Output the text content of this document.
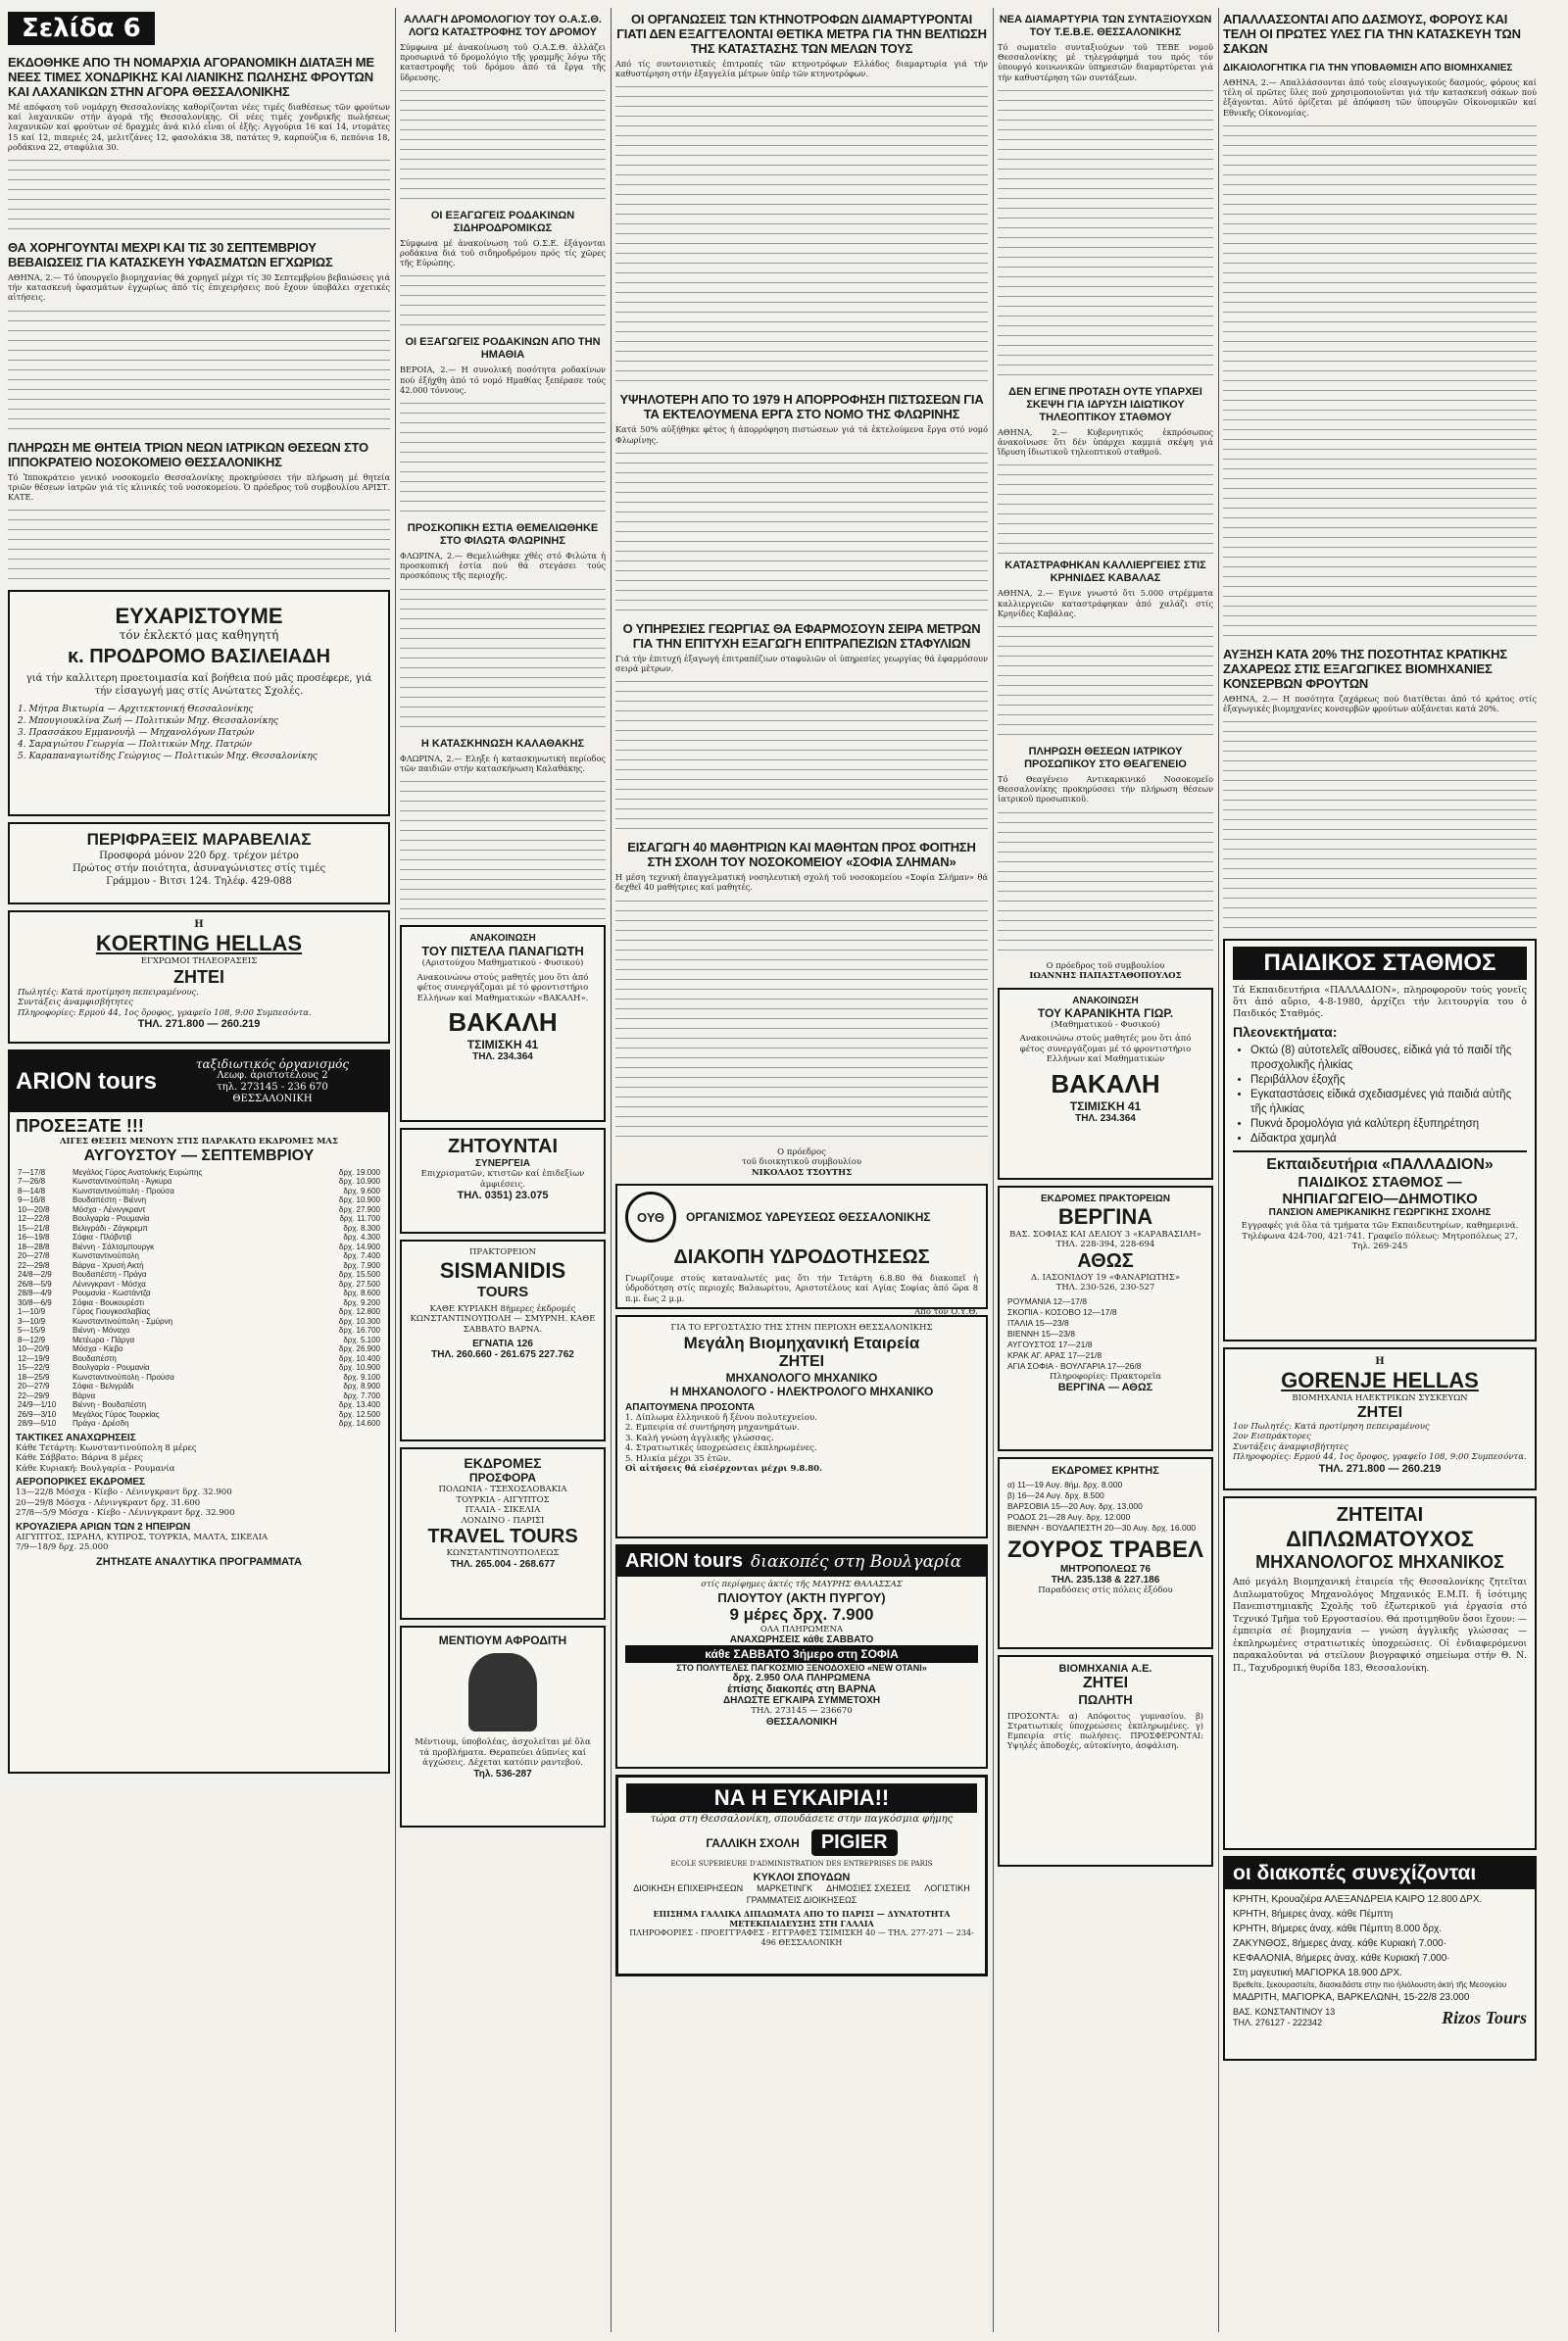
Σελίδα 6
ΕΚΔΟΘΗΚΕ ΑΠΟ ΤΗ ΝΟΜΑΡΧΙΑ ΑΓΟΡΑΝΟΜΙΚΗ ΔΙΑΤΑΞΗ ΜΕ ΝΕΕΣ ΤΙΜΕΣ ΧΟΝΔΡΙΚΗΣ ΚΑΙ ΛΙΑΝΙΚΗΣ ΠΩΛΗΣΗΣ ΦΡΟΥΤΩΝ ΚΑΙ ΛΑΧΑΝΙΚΩΝ ΣΤΗΝ ΑΓΟΡΑ ΘΕΣΣΑΛΟΝΙΚΗΣ

Μέ απόφαση τοῦ νομάρχη Θεσσαλονίκης καθορίζονται νέες τιμές διαθέσεως τῶν φρούτων καί λαχανικῶν στήν ἀγορά τῆς Θεσσαλονίκης. Οἱ νέες τιμές χονδρικῆς πωλήσεως λαχανικῶν καί φρούτων σέ δραχμές ἀνά κιλό εἶναι οἱ ἑξῆς: Αγγούρια 16 καί 14, ντομάτες 15 καί 12, πιπεριές 24, μελιτζάνες 12, φασολάκια 38, πατάτες 9, καρπούζια 6, πεπόνια 18, ροδάκινα 22, σταφύλια 30.

ΘΑ ΧΟΡΗΓΟΥΝΤΑΙ ΜΕΧΡΙ ΚΑΙ ΤΙΣ 30 ΣΕΠΤΕΜΒΡΙΟΥ ΒΕΒΑΙΩΣΕΙΣ ΓΙΑ ΚΑΤΑΣΚΕΥΗ ΥΦΑΣΜΑΤΩΝ ΕΓΧΩΡΙΩΣ

ΑΘΗΝΑ, 2.— Τό ὑπουργεῖο βιομηχανίας θά χορηγεῖ μέχρι τίς 30 Σεπτεμβρίου βεβαιώσεις γιά τήν κατασκευή ὑφασμάτων ἐγχωρίως ἀπό τίς ἐπιχειρήσεις πού ἔχουν ὑποβάλει σχετικές αἰτήσεις.

ΠΛΗΡΩΣΗ ΜΕ ΘΗΤΕΙΑ ΤΡΙΩΝ ΝΕΩΝ ΙΑΤΡΙΚΩΝ ΘΕΣΕΩΝ ΣΤΟ ΙΠΠΟΚΡΑΤΕΙΟ ΝΟΣΟΚΟΜΕΙΟ ΘΕΣΣΑΛΟΝΙΚΗΣ

Τό Ἱπποκράτειο γενικό νοσοκομεῖο Θεσσαλονίκης προκηρύσσει τήν πλήρωση μέ θητεία τριῶν θέσεων ἰατρῶν γιά τίς κλινικές τοῦ νοσοκομείου. Ὁ πρόεδρος τοῦ συμβουλίου ΑΡΙΣΤ. ΚΑΤΕ.

ΕΥΧΑΡΙΣΤΟΥΜΕ
τόν ἐκλεκτό μας καθηγητή
κ. ΠΡΟΔΡΟΜΟ ΒΑΣΙΛΕΙΑΔΗ
γιά τήν καλλιτερη προετοιμασία καί βοήθεια πού μᾶς προσέφερε, γιά τήν εἰσαγωγή μας στίς Ανώτατες Σχολές.
1. Μήτρα Βικτωρία — Αρχιτεκτονική Θεσσαλονίκης
2. Μπουγιουκλίνα Ζωή — Πολιτικών Μηχ. Θεσσαλονίκης
3. Πρασσάκου Εμμανουήλ — Μηχανολόγων Πατρών
4. Σαραγιώτου Γεωργία — Πολιτικών Μηχ. Πατρών
5. Καραπαναγιωτίδης Γεώργιος — Πολιτικών Μηχ. Θεσσαλονίκης
ΠΕΡΙΦΡΑΞΕΙΣ ΜΑΡΑΒΕΛΙΑΣ
Προσφορά μόνον 220 δρχ. τρέχον μέτρο
Πρώτος στήν ποιότητα, ἀσυναγώνιστες στίς τιμές
Γράμμου - Βιτσι 124. Τηλέφ. 429-088
Η
KOERTING HELLAS
ΕΓΧΡΩΜΟΙ ΤΗΛΕΟΡΑΣΕΙΣ
ΖΗΤΕΙ
Πωλητές: Κατά προτίμηση πεπειραμένους.
Συντάξεις ἀναμφισβήτητες
Πληροφορίες: Ερμού 44, 1ος ὄροφος, γραφεῖο 108, 9:00 Συμπεσόντα.
ΤΗΛ. 271.800 — 260.219
ARION tours
ταξιδιωτικός ὀργανισμός
Λεωφ. ἀριστοτέλους 2
τηλ. 273145 - 236 670
ΘΕΣΣΑΛΟΝΙΚΗ
ΠΡΟΣΕΞΑΤΕ !!!
ΛΙΓΕΣ ΘΕΣΕΙΣ ΜΕΝΟΥΝ ΣΤΙΣ ΠΑΡΑΚΑΤΩ ΕΚΔΡΟΜΕΣ ΜΑΣ
ΑΥΓΟΥΣΤΟΥ — ΣΕΠΤΕΜΒΡΙΟΥ
7—17/8	Μεγάλος Γύρος Ανατολικής Ευρώπης	δρχ. 19.000
7—26/8	Κωνσταντινούπολη - Άγκυρα	δρχ. 10.900
8—14/8	Κωνσταντινούπολη - Προύσα	δρχ. 9.600
9—16/8	Βουδαπέστη - Βιέννη	δρχ. 10.900
10—20/8	Μόσχα - Λένινγκραντ	δρχ. 27.900
12—22/8	Βουλγαρία - Ρουμανία	δρχ. 11.700
15—21/8	Βελιγράδι - Ζάγκρεμπ	δρχ. 8.300
16—19/8	Σόφια - Πλόβντιβ	δρχ. 4.300
18—28/8	Βιέννη - Σάλτσμπουργκ	δρχ. 14.900
20—27/8	Κωνσταντινούπολη	δρχ. 7.400
22—29/8	Βάρνα - Χρυσή Ακτή	δρχ. 7.900
24/8—2/9	Βουδαπέστη - Πράγα	δρχ. 15.500
26/8—5/9	Λένινγκραντ - Μόσχα	δρχ. 27.500
28/8—4/9	Ρουμανία - Κωστάντζα	δρχ. 8.600
30/8—6/9	Σόφια - Βουκουρέστι	δρχ. 9.200
1—10/9	Γύρος Γιουγκοσλαβίας	δρχ. 12.800
3—10/9	Κωνσταντινούπολη - Σμύρνη	δρχ. 10.300
5—15/9	Βιέννη - Μόναχο	δρχ. 16.700
8—12/9	Μετέωρα - Πάργα	δρχ. 5.100
10—20/9	Μόσχα - Κίεβο	δρχ. 26.900
12—19/9	Βουδαπέστη	δρχ. 10.400
15—22/9	Βουλγαρία - Ρουμανία	δρχ. 10.900
18—25/9	Κωνσταντινούπολη - Προύσα	δρχ. 9.100
20—27/9	Σόφια - Βελιγράδι	δρχ. 8.900
22—29/9	Βάρνα	δρχ. 7.700
24/9—1/10	Βιέννη - Βουδαπέστη	δρχ. 13.400
26/9—3/10	Μεγάλος Γύρος Τουρκίας	δρχ. 12.500
28/9—5/10	Πράγα - Δρέσδη	δρχ. 14.600
ΤΑΚΤΙΚΕΣ ΑΝΑΧΩΡΗΣΕΙΣ
Κάθε Τετάρτη: Κωνσταντινούπολη 8 μέρες
Κάθε Σάββατο: Βάρνα 8 μέρες
Κάθε Κυριακή: Βουλγαρία - Ρουμανία
ΑΕΡΟΠΟΡΙΚΕΣ ΕΚΔΡΟΜΕΣ
13—22/8 Μόσχα - Κίεβο - Λένινγκραντ δρχ. 32.900
20—29/8 Μόσχα - Λένινγκραντ δρχ. 31.600
27/8—5/9 Μόσχα - Κίεβο - Λένινγκραντ δρχ. 32.900
ΚΡΟΥΑΖΙΕΡΑ ΑΡΙΩΝ ΤΩΝ 2 ΗΠΕΙΡΩΝ
ΑΙΓΥΠΤΟΣ, ΙΣΡΑΗΛ, ΚΥΠΡΟΣ, ΤΟΥΡΚΙΑ, ΜΑΛΤΑ, ΣΙΚΕΛΙΑ
7/9—18/9 δρχ. 25.000
ΖΗΤΗΣΑΤΕ ΑΝΑΛΥΤΙΚΑ ΠΡΟΓΡΑΜΜΑΤΑ
ΑΛΛΑΓΗ ΔΡΟΜΟΛΟΓΙΟΥ ΤΟΥ Ο.Α.Σ.Θ. ΛΟΓΩ ΚΑΤΑΣΤΡΟΦΗΣ ΤΟΥ ΔΡΟΜΟΥ

Σύμφωνα μέ ἀνακοίνωση τοῦ Ο.Α.Σ.Θ. ἀλλάζει προσωρινά τό δρομολόγιο τῆς γραμμῆς λόγω τῆς καταστροφῆς τοῦ δρόμου ἀπό τά ἔργα τῆς ὕδρευσης.

ΟΙ ΕΞΑΓΩΓΕΙΣ ΡΟΔΑΚΙΝΩΝ ΣΙΔΗΡΟΔΡΟΜΙΚΩΣ

Σύμφωνα μέ ἀνακοίνωση τοῦ Ο.Σ.Ε. ἐξάγονται ροδάκινα διά τοῦ σιδηροδρόμου πρός τίς χῶρες τῆς Εὐρώπης.

ΟΙ ΕΞΑΓΩΓΕΙΣ ΡΟΔΑΚΙΝΩΝ ΑΠΟ ΤΗΝ ΗΜΑΘΙΑ

ΒΕΡΟΙΑ, 2.— Η συνολική ποσότητα ροδακίνων πού ἐξήχθη ἀπό τό νομό Ημαθίας ξεπέρασε τούς 42.000 τόννους.

ΠΡΟΣΚΟΠΙΚΗ ΕΣΤΙΑ ΘΕΜΕΛΙΩΘΗΚΕ ΣΤΟ ΦΙΛΩΤΑ ΦΛΩΡΙΝΗΣ

ΦΛΩΡΙΝΑ, 2.— Θεμελιώθηκε χθές στό Φιλώτα ἡ προσκοπική ἑστία πού θά στεγάσει τούς προσκόπους τῆς περιοχῆς.

Η ΚΑΤΑΣΚΗΝΩΣΗ ΚΑΛΑΘΑΚΗΣ

ΦΛΩΡΙΝΑ, 2.— Εληξε ἡ κατασκηνωτική περίοδος τῶν παιδιῶν στήν κατασκήνωση Καλαθάκης.

ΑΝΑΚΟΙΝΩΣΗ
ΤΟΥ ΠΙΣΤΕΛΑ ΠΑΝΑΓΙΩΤΗ
(Αριστούχου Μαθηματικού - Φυσικού)
Ανακοινώνω στούς μαθητές μου ὅτι ἀπό φέτος συνεργάζομαι μέ τό φροντιστήριο Ελλήνων καί Μαθηματικών «ΒΑΚΑΛΗ».
ΒΑΚΑΛΗ
ΤΣΙΜΙΣΚΗ 41
ΤΗΛ. 234.364
ΖΗΤΟΥΝΤΑΙ
ΣΥΝΕΡΓΕΙΑ
Επιχρισματῶν, κτιστῶν καί ἐπιδεξίων ἀμφιέσεις.
ΤΗΛ. 0351) 23.075
ΠΡΑΚΤΟΡΕΙΟΝ
SISMANIDIS
TOURS
ΚΑΘΕ ΚΥΡΙΑΚΗ 8ήμερες ἐκδρομές ΚΩΝΣΤΑΝΤΙΝΟΥΠΟΛΗ — ΣΜΥΡΝΗ. ΚΑΘΕ ΣΑΒΒΑΤΟ ΒΑΡΝΑ.
ΕΓΝΑΤΙΑ 126
ΤΗΛ. 260.660 - 261.675 227.762
ΕΚΔΡΟΜΕΣ
ΠΡΟΣΦΟΡΑ
ΠΟΛΩΝΙΑ - ΤΣΕΧΟΣΛΟΒΑΚΙΑ
ΤΟΥΡΚΙΑ - ΑΙΓΥΠΤΟΣ
ΙΤΑΛΙΑ - ΣΙΚΕΛΙΑ
ΛΟΝΔΙΝΟ - ΠΑΡΙΣΙ
TRAVEL TOURS
ΚΩΝΣΤΑΝΤΙΝΟΥΠΟΛΕΩΣ
ΤΗΛ. 265.004 - 268.677
ΜΕΝΤΙΟΥΜ ΑΦΡΟΔΙΤΗ
Μέντιουμ, ὑποβολέας, ἀσχολεῖται μέ ὅλα τά προβλήματα. Θεραπεύει ἀϋπνίες καί ἀγχώσεις. Δέχεται κατόπιν ραντεβού.
Τηλ. 536-287
ΟΙ ΟΡΓΑΝΩΣΕΙΣ ΤΩΝ ΚΤΗΝΟΤΡΟΦΩΝ ΔΙΑΜΑΡΤΥΡΟΝΤΑΙ ΓΙΑΤΙ ΔΕΝ ΕΞΑΓΓΕΛΟΝΤΑΙ ΘΕΤΙΚΑ ΜΕΤΡΑ ΓΙΑ ΤΗΝ ΒΕΛΤΙΩΣΗ ΤΗΣ ΚΑΤΑΣΤΑΣΗΣ ΤΩΝ ΜΕΛΩΝ ΤΟΥΣ

Από τίς συντονιστικές ἐπιτροπές τῶν κτηνοτρόφων Ελλάδος διαμαρτυρία γιά τήν καθυστέρηση στήν ἐξαγγελία μέτρων ὑπέρ τῶν κτηνοτρόφων.

ΥΨΗΛΟΤΕΡΗ ΑΠΟ ΤΟ 1979 Η ΑΠΟΡΡΟΦΗΣΗ ΠΙΣΤΩΣΕΩΝ ΓΙΑ ΤΑ ΕΚΤΕΛΟΥΜΕΝΑ ΕΡΓΑ ΣΤΟ ΝΟΜΟ ΤΗΣ ΦΛΩΡΙΝΗΣ

Κατά 50% αὐξήθηκε φέτος ἡ ἀπορρόφηση πιστώσεων γιά τά ἐκτελούμενα ἔργα στό νομό Φλωρίνης.

Ο ΥΠΗΡΕΣΙΕΣ ΓΕΩΡΓΙΑΣ ΘΑ ΕΦΑΡΜΟΣΟΥΝ ΣΕΙΡΑ ΜΕΤΡΩΝ ΓΙΑ ΤΗΝ ΕΠΙΤΥΧΗ ΕΞΑΓΩΓΗ ΕΠΙΤΡΑΠΕΖΙΩΝ ΣΤΑΦΥΛΙΩΝ

Γιά τήν ἐπιτυχή ἐξαγωγή ἐπιτραπέζιων σταφυλιῶν οἱ ὑπηρεσίες γεωργίας θά ἐφαρμόσουν σειρά μέτρων.

ΕΙΣΑΓΩΓΗ 40 ΜΑΘΗΤΡΙΩΝ ΚΑΙ ΜΑΘΗΤΩΝ ΠΡΟΣ ΦΟΙΤΗΣΗ ΣΤΗ ΣΧΟΛΗ ΤΟΥ ΝΟΣΟΚΟΜΕΙΟΥ «ΣΟΦΙΑ ΣΛΗΜΑΝ»

Η μέση τεχνική ἐπαγγελματική νοσηλευτική σχολή τοῦ νοσοκομείου «Σοφία Σλήμαν» θά δεχθεῖ 40 μαθήτριες καί μαθητές.

Ο πρόεδρος
τοῦ διοικητικοῦ συμβουλίου
ΝΙΚΟΛΑΟΣ ΤΣΟΥΤΗΣ
ΟΥΘ	ΟΡΓΑΝΙΣΜΟΣ ΥΔΡΕΥΣΕΩΣ ΘΕΣΣΑΛΟΝΙΚΗΣ
ΔΙΑΚΟΠΗ ΥΔΡΟΔΟΤΗΣΕΩΣ
Γνωρίζουμε στούς καταναλωτές μας ὅτι τήν Τετάρτη 6.8.80 θά διακοπεῖ ἡ ὑδροδότηση στίς περιοχές Βαλαωρίτου, Αριστοτέλους καί Αγίας Σοφίας ἀπό ὥρα 8 π.μ. ἕως 2 μ.μ.
Από τόν Ο.Υ.Θ.
ΓΙΑ ΤΟ ΕΡΓΟΣΤΑΣΙΟ ΤΗΣ ΣΤΗΝ ΠΕΡΙΟΧΗ ΘΕΣΣΑΛΟΝΙΚΗΣ
Μεγάλη Βιομηχανική Εταιρεία
ΖΗΤΕΙ
ΜΗΧΑΝΟΛΟΓΟ ΜΗΧΑΝΙΚΟ
Η ΜΗΧΑΝΟΛΟΓΟ - ΗΛΕΚΤΡΟΛΟΓΟ ΜΗΧΑΝΙΚΟ
ΑΠΑΙΤΟΥΜΕΝΑ ΠΡΟΣΟΝΤΑ
1. Δίπλωμα ἑλληνικοῦ ἤ ξένου πολυτεχνείου.
2. Εμπειρία σέ συντήρηση μηχανημάτων.
3. Καλή γνώση ἀγγλικῆς γλώσσας.
4. Στρατιωτικές ὑποχρεώσεις ἐκπληρωμένες.
5. Ηλικία μέχρι 35 ἐτῶν.
Οἱ αἰτήσεις θά εἰσέρχονται μέχρι 9.8.80.
ARION tours διακοπές στη Βουλγαρία
στίς περίφημες ἀκτές τῆς ΜΑΥΡΗΣ ΘΑΛΑΣΣΑΣ
ΠΛΙΟΥΤΟΥ (ΑΚΤΗ ΠΥΡΓΟΥ)
9 μέρες δρχ. 7.900
ΟΛΑ ΠΛΗΡΩΜΕΝΑ
ΑΝΑΧΩΡΗΣΕΙΣ κάθε ΣΑΒΒΑΤΟ
κάθε ΣΑΒΒΑΤΟ 3ήμερο στη ΣΟΦΙΑ
ΣΤΟ ΠΟΛΥΤΕΛΕΣ ΠΑΓΚΟΣΜΙΟ ΞΕΝΟΔΟΧΕΙΟ «NEW OTANI»
δρχ. 2.950 ΟΛΑ ΠΛΗΡΩΜΕΝΑ
ἐπίσης διακοπές στη ΒΑΡΝΑ
ΔΗΛΩΣΤΕ ΕΓΚΑΙΡΑ ΣΥΜΜΕΤΟΧΗ
ΤΗΛ. 273145 — 236670
ΘΕΣΣΑΛΟΝΙΚΗ
ΝΑ Η ΕΥΚΑΙΡΙΑ!!
τώρα στη Θεσσαλονίκη, σπουδάσετε στην παγκόσμια φήμης
ΓΑΛΛΙΚΗ ΣΧΟΛΗ	PIGIER
ECOLE SUPERIEURE D'ADMINISTRATION DES ENTREPRISES DE PARIS
ΚΥΚΛΟΙ ΣΠΟΥΔΩΝ
ΔΙΟΙΚΗΣΗ ΕΠΙΧΕΙΡΗΣΕΩΝ ΜΑΡΚΕΤΙΝΓΚ ΔΗΜΟΣΙΕΣ ΣΧΕΣΕΙΣ ΛΟΓΙΣΤΙΚΗ
ΓΡΑΜΜΑΤΕΙΣ ΔΙΟΙΚΗΣΕΩΣ
ΕΠΙΣΗΜΑ ΓΑΛΛΙΚΑ ΔΙΠΛΩΜΑΤΑ ΑΠΟ ΤΟ ΠΑΡΙΣΙ — ΔΥΝΑΤΟΤΗΤΑ ΜΕΤΕΚΠΑΙΔΕΥΣΗΣ ΣΤΗ ΓΑΛΛΙΑ
ΠΛΗΡΟΦΟΡΙΕΣ - ΠΡΟΕΓΓΡΑΦΕΣ - ΕΓΓΡΑΦΕΣ ΤΣΙΜΙΣΚΗ 40 — ΤΗΛ. 277-271 — 234-496 ΘΕΣΣΑΛΟΝΙΚΗ
ΝΕΑ ΔΙΑΜΑΡΤΥΡΙΑ ΤΩΝ ΣΥΝΤΑΞΙΟΥΧΩΝ ΤΟΥ Τ.Ε.Β.Ε. ΘΕΣΣΑΛΟΝΙΚΗΣ

Τό σωματεῖο συνταξιούχων τοῦ ΤΕΒΕ νομοῦ Θεσσαλονίκης μέ τηλεγράφημά του πρός τόν ὑπουργό κοινωνικῶν ὑπηρεσιῶν διαμαρτύρεται γιά τήν καθυστέρηση τῶν συντάξεων.

ΔΕΝ ΕΓΙΝΕ ΠΡΟΤΑΣΗ ΟΥΤΕ ΥΠΑΡΧΕΙ ΣΚΕΨΗ ΓΙΑ ΙΔΡΥΣΗ ΙΔΙΩΤΙΚΟΥ ΤΗΛΕΟΠΤΙΚΟΥ ΣΤΑΘΜΟΥ

ΑΘΗΝΑ, 2.— Κυβερνητικός ἐκπρόσωπος ἀνακοίνωσε ὅτι δέν ὑπάρχει καμμιά σκέψη γιά ἵδρυση ἰδιωτικοῦ τηλεοπτικοῦ σταθμοῦ.

ΚΑΤΑΣΤΡΑΦΗΚΑΝ ΚΑΛΛΙΕΡΓΕΙΕΣ ΣΤΙΣ ΚΡΗΝΙΔΕΣ ΚΑΒΑΛΑΣ

ΑΘΗΝΑ, 2.— Εγινε γνωστό ὅτι 5.000 στρέμματα καλλιεργειῶν καταστράφηκαν ἀπό χαλάζι στίς Κρηνίδες Καβάλας.

ΠΛΗΡΩΣΗ ΘΕΣΕΩΝ ΙΑΤΡΙΚΟΥ ΠΡΟΣΩΠΙΚΟΥ ΣΤΟ ΘΕΑΓΕΝΕΙΟ

Τό Θεαγένειο Αντικαρκινικό Νοσοκομεῖο Θεσσαλονίκης προκηρύσσει τήν πλήρωση θέσεων ἰατρικοῦ προσωπικοῦ.

Ο πρόεδρος τοῦ συμβουλίου
ΙΩΑΝΝΗΣ ΠΑΠΑΣΤΑΘΟΠΟΥΛΟΣ
ΑΝΑΚΟΙΝΩΣΗ
ΤΟΥ ΚΑΡΑΝΙΚΗΤΑ ΓΙΩΡ.
(Μαθηματικού - Φυσικού)
Ανακοινώνω στούς μαθητές μου ὅτι ἀπό φέτος συνεργάζομαι μέ τό φροντιστήριο Ελλήνων καί Μαθηματικών
ΒΑΚΑΛΗ
ΤΣΙΜΙΣΚΗ 41
ΤΗΛ. 234.364
ΕΚΔΡΟΜΕΣ ΠΡΑΚΤΟΡΕΙΩΝ
ΒΕΡΓΙΝΑ
ΒΑΣ. ΣΟΦΙΑΣ ΚΑΙ ΔΕΛΙΟΥ 3 «ΚΑΡΑΒΑΣΙΛΗ»
ΤΗΛ. 228-394, 228-694
ΑΘΩΣ
Δ. ΙΑΣΟΝΙΔΟΥ 19 «ΦΑΝΑΡΙΩΤΗΣ»
ΤΗΛ. 230-526, 230-527
ΡΟΥΜΑΝΙΑ 12—17/8
ΣΚΟΠΙΑ - ΚΟΣΟΒΟ 12—17/8
ΙΤΑΛΙΑ 15—23/8
ΒΙΕΝΝΗ 15—23/8
ΑΥΓΟΥΣΤΟΣ 17—21/8
ΚΡΑΚ ΑΓ. ΑΡΑΣ 17—21/8
ΑΓΙΑ ΣΟΦΙΑ - ΒΟΥΛΓΑΡΙΑ 17—26/8
Πληροφορίες: Πρακτορεῖα
ΒΕΡΓΙΝΑ — ΑΘΩΣ
ΕΚΔΡΟΜΕΣ ΚΡΗΤΗΣ
α) 11—19 Αυγ. 8ήμ. δρχ. 8.000
β) 16—24 Αυγ. δρχ. 8.500
ΒΑΡΣΟΒΙΑ 15—20 Αυγ. δρχ. 13.000
ΡΟΔΟΣ 21—28 Αυγ. δρχ. 12.000
ΒΙΕΝΝΗ - ΒΟΥΔΑΠΕΣΤΗ 20—30 Αυγ. δρχ. 16.000
ΖΟΥΡΟΣ ΤΡΑΒΕΛ
ΜΗΤΡΟΠΟΛΕΩΣ 76
ΤΗΛ. 235.138 & 227.186
Παραδόσεις στίς πόλεις ἐξόδου
ΒΙΟΜΗΧΑΝΙΑ Α.Ε.
ΖΗΤΕΙ
ΠΩΛΗΤΗ
ΠΡΟΣΟΝΤΑ: α) Απόφοιτος γυμνασίου. β) Στρατιωτικές ὑποχρεώσεις ἐκπληρωμένες. γ) Εμπειρία στίς πωλήσεις. ΠΡΟΣΦΕΡΟΝΤΑΙ: Υψηλές ἀποδοχές, αὐτοκίνητο, ἀσφάλιση.
ΑΠΑΛΛΑΣΣΟΝΤΑΙ ΑΠΟ ΔΑΣΜΟΥΣ, ΦΟΡΟΥΣ ΚΑΙ ΤΕΛΗ ΟΙ ΠΡΩΤΕΣ ΥΛΕΣ ΓΙΑ ΤΗΝ ΚΑΤΑΣΚΕΥΗ ΤΩΝ ΣΑΚΩΝ
ΔΙΚΑΙΟΛΟΓΗΤΙΚΑ ΓΙΑ ΤΗΝ ΥΠΟΒΑΘΜΙΣΗ ΑΠΟ ΒΙΟΜΗΧΑΝΙΕΣ

ΑΘΗΝΑ, 2.— Απαλλάσσονται ἀπό τούς εἰσαγωγικούς δασμούς, φόρους καί τέλη οἱ πρῶτες ὕλες πού χρησιμοποιοῦνται γιά τήν κατασκευή σάκων πού ἐξάγονται. Αὐτό ὁρίζεται μέ ἀπόφαση τῶν ὑπουργῶν Οἰκονομικῶν καί Εθνικῆς Οἰκονομίας.

ΑΥΞΗΣΗ ΚΑΤΑ 20% ΤΗΣ ΠΟΣΟΤΗΤΑΣ ΚΡΑΤΙΚΗΣ ΖΑΧΑΡΕΩΣ ΣΤΙΣ ΕΞΑΓΩΓΙΚΕΣ ΒΙΟΜΗΧΑΝΙΕΣ ΚΟΝΣΕΡΒΩΝ ΦΡΟΥΤΩΝ

ΑΘΗΝΑ, 2.— Η ποσότητα ζαχάρεως πού διατίθεται ἀπό τό κράτος στίς ἐξαγωγικές βιομηχανίες κονσερβῶν φρούτων αὐξάνεται κατά 20%.

ΠΑΙΔΙΚΟΣ ΣΤΑΘΜΟΣ
Τά Εκπαιδευτήρια «ΠΑΛΛΑΔΙΟΝ», πληροφοροῦν τούς γονεῖς ὅτι ἀπό αὔριο, 4-8-1980, ἀρχίζει τήν λειτουργία του ὁ Παιδικός Σταθμός.
Πλεονεκτήματα:
• Οκτώ (8) αὐτοτελεῖς αἴθουσες, εἰδικά γιά τό παιδί τῆς προσχολικῆς ἡλικίας
• Περιβάλλον ἐξοχῆς
• Εγκαταστάσεις εἰδικά σχεδιασμένες γιά παιδιά αὐτῆς τῆς ἡλικίας
• Πυκνά δρομολόγια γιά καλύτερη ἐξυπηρέτηση
• Δίδακτρα χαμηλά
Εκπαιδευτήρια «ΠΑΛΛΑΔΙΟΝ»
ΠΑΙΔΙΚΟΣ ΣΤΑΘΜΟΣ —
ΝΗΠΙΑΓΩΓΕΙΟ—ΔΗΜΟΤΙΚΟ
ΠΑΝΣΙΟΝ ΑΜΕΡΙΚΑΝΙΚΗΣ ΓΕΩΡΓΙΚΗΣ ΣΧΟΛΗΣ
Εγγραφές γιά ὅλα τά τμήματα τῶν Εκπαιδευτηρίων, καθημερινά. Τηλέφωνα 424-700, 421-741. Γραφεῖο πόλεως: Μητροπόλεως 27, Τηλ. 269-245
Η
GORENJE HELLAS
ΒΙΟΜΗΧΑΝΙΑ ΗΛΕΚΤΡΙΚΩΝ ΣΥΣΚΕΥΩΝ
ΖΗΤΕΙ
1ον Πωλητές: Κατά προτίμηση πεπειραμένους
2ον Εισπράκτορες
Συντάξεις ἀναμφισβήτητες
Πληροφορίες: Ερμού 44, 1ος ὄροφος, γραφεῖο 108, 9:00 Συμπεσόντα.
ΤΗΛ. 271.800 — 260.219
ΖΗΤΕΙΤΑΙ
ΔΙΠΛΩΜΑΤΟΥΧΟΣ
ΜΗΧΑΝΟΛΟΓΟΣ ΜΗΧΑΝΙΚΟΣ
Από μεγάλη Βιομηχανική ἑταιρεία τῆς Θεσσαλονίκης ζητεῖται Διπλωματοῦχος Μηχανολόγος Μηχανικός Ε.Μ.Π. ἤ ἰσότιμης Πανεπιστημιακῆς Σχολῆς τοῦ ἐξωτερικοῦ γιά ἐργασία στό Τεχνικό Τμῆμα τοῦ Εργοστασίου. Θά προτιμηθοῦν ὅσοι ἔχουν: — ἐμπειρία σέ βιομηχανία — γνώση ἀγγλικῆς γλώσσας — ἐκπληρωμένες στρατιωτικές ὑποχρεώσεις. Οἱ ἐνδιαφερόμενοι παρακαλοῦνται νά στείλουν βιογραφικό σημείωμα στήν Θ. Ν. Π., Ταχυδρομική θυρίδα 183, Θεσσαλονίκη.
οι διακοπές συνεχίζονται
ΚΡΗΤΗ, Κρουαζιέρα ΑΛΕΞΑΝΔΡΕΙΑ ΚΑΙΡΟ 12.800 ΔΡΧ.
ΚΡΗΤΗ, 8ήμερες ἀναχ. κάθε Πέμπτη
ΚΡΗΤΗ, 8ήμερες ἀναχ. κάθε Πέμπτη 8.000 δρχ.
ΖΑΚΥΝΘΟΣ, 8ήμερες ἀναχ. κάθε Κυριακή 7.000·
ΚΕΦΑΛΟΝΙΑ, 8ήμερες ἀναχ. κάθε Κυριακή 7.000·
Στη μαγευτική ΜΑΓΙΟΡΚΑ 18.900 ΔΡΧ.
Βρεθείτε, ξεκουραστείτε, διασκεδάστε στην πιο ἡλιόλουστη ἀκτή τῆς Μεσογείου
ΜΑΔΡΙΤΗ, ΜΑΓΙΟΡΚΑ, ΒΑΡΚΕΛΩΝΗ, 15-22/8 23.000
ΒΑΣ. ΚΩΝΣΤΑΝΤΙΝΟΥ 13
ΤΗΛ. 276127 - 222342	Rizos Tours
